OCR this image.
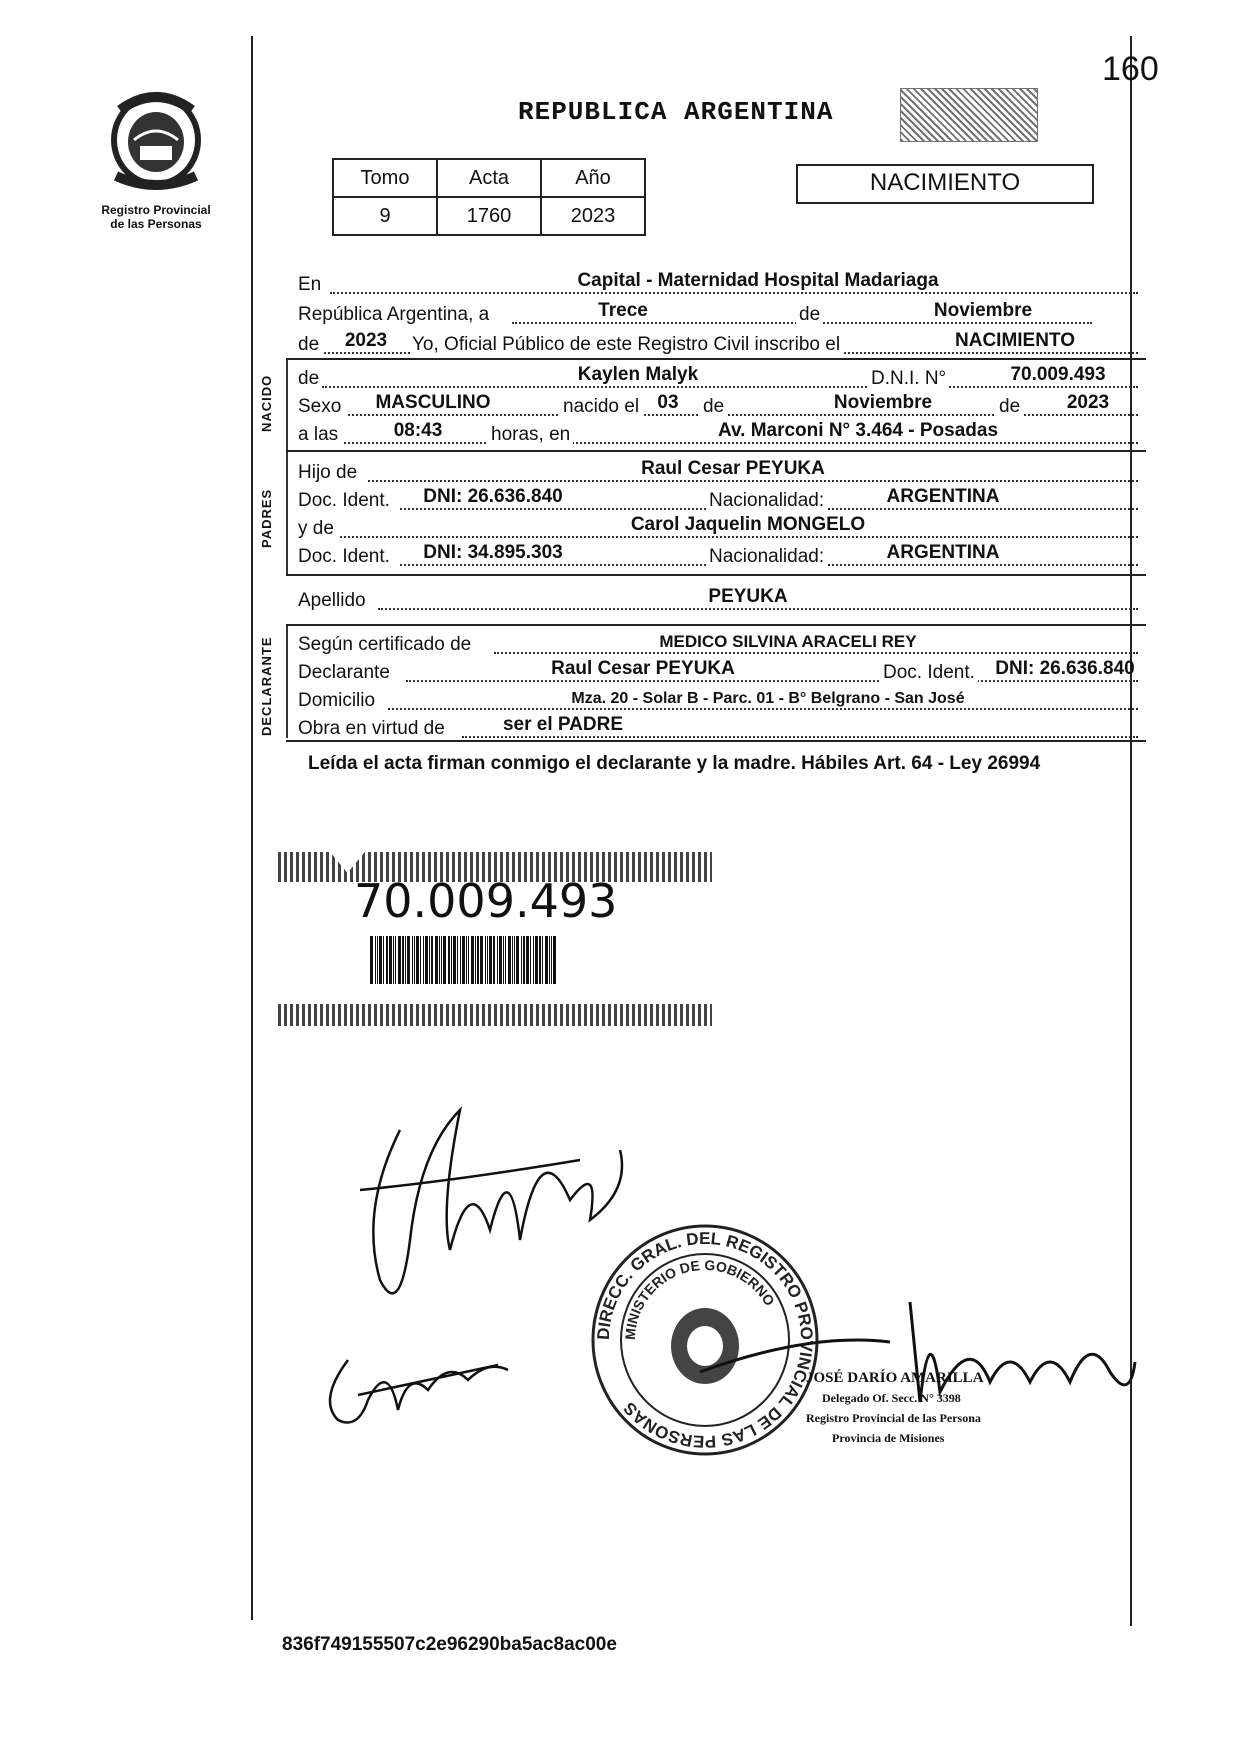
160
Registro Provincial
de las Personas
REPUBLICA ARGENTINA
Tomo	Acta	Año
9	1760	2023
NACIMIENTO
En	Capital - Maternidad Hospital Madariaga
República Argentina, a	Trece	de	Noviembre
de	2023	Yo, Oficial Público de este Registro Civil inscribo el	NACIMIENTO
NACIDO de	Kaylen Malyk	D.N.I. N°	70.009.493
Sexo	MASCULINO	nacido el 03	de	Noviembre	de	2023
a las	08:43	horas, en	Av. Marconi N° 3.464 - Posadas
PADRES
Hijo de	Raul Cesar PEYUKA
Doc. Ident.	DNI: 26.636.840	Nacionalidad:	ARGENTINA
y de	Carol Jaquelin MONGELO
Doc. Ident.	DNI: 34.895.303	Nacionalidad:	ARGENTINA
Apellido	PEYUKA
DECLARANTE Según certificado de	MEDICO SILVINA ARACELI REY
Declarante	Raul Cesar PEYUKA	Doc. Ident. DNI: 26.636.840
Domicilio	Mza. 20 - Solar B - Parc. 01 - B° Belgrano - San José
Obra en virtud de	ser el PADRE
Leída el acta firman conmigo el declarante y la madre. Hábiles Art. 64 - Ley 26994
70.009.493
DIRECC. GRAL. DEL REGISTRO PROVINCIAL DE LAS PERSONAS
MINISTERIO DE GOBIERNO
JOSÉ DARÍO AMARILLA
Delegado Of. Secc. N° 3398
Registro Provincial de las Persona
Provincia de Misiones
836f749155507c2e96290ba5ac8ac00e
